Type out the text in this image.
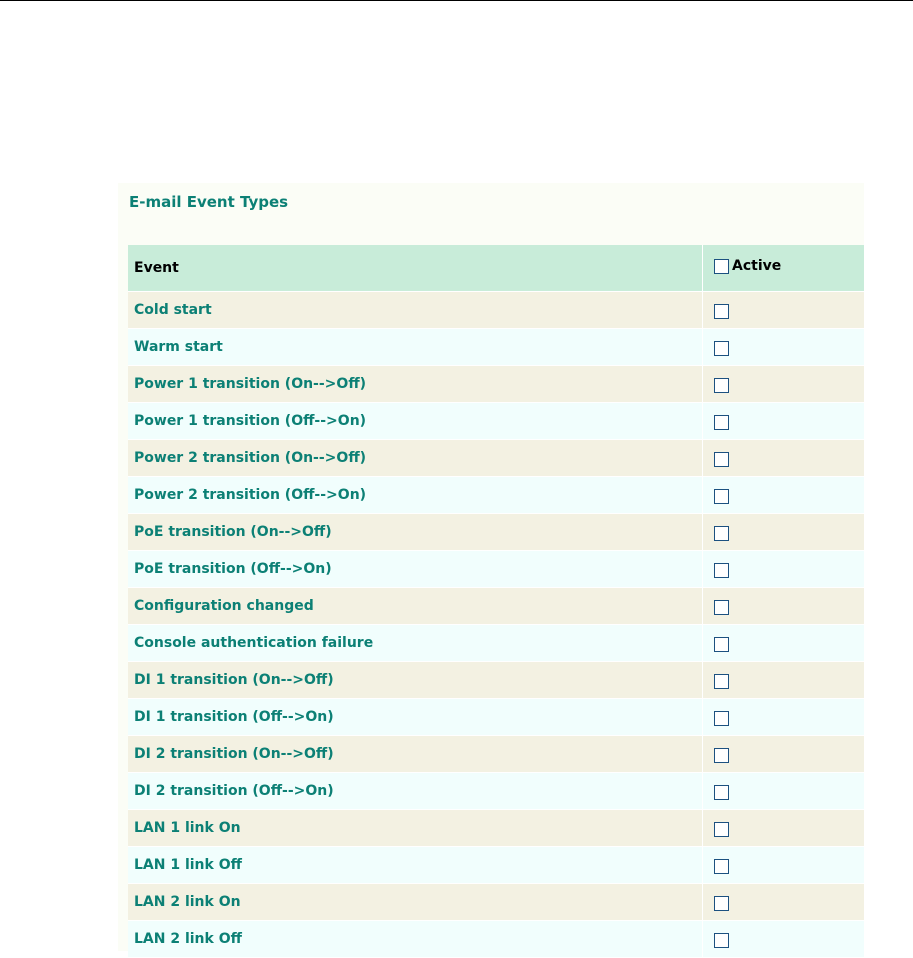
E-mail Event Types
Event	Active

Cold start	
Warm start	
Power 1 transition (On-->Off)	
Power 1 transition (Off-->On)	
Power 2 transition (On-->Off)	
Power 2 transition (Off-->On)	
PoE transition (On-->Off)	
PoE transition (Off-->On)	
Configuration changed	
Console authentication failure	
DI 1 transition (On-->Off)	
DI 1 transition (Off-->On)	
DI 2 transition (On-->Off)	
DI 2 transition (Off-->On)	
LAN 1 link On	
LAN 1 link Off	
LAN 2 link On	
LAN 2 link Off	
